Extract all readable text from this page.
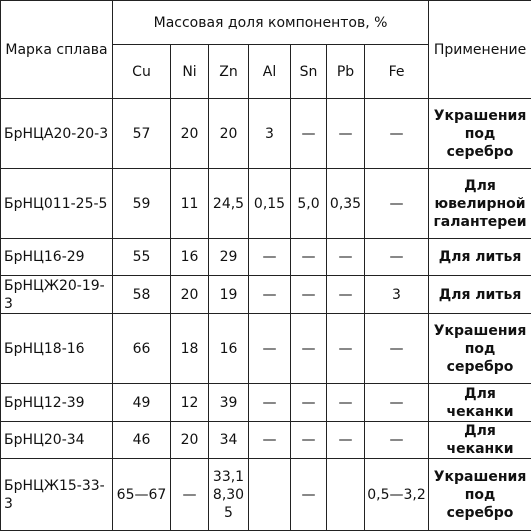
Марка сплава	Массовая доля компонентов, %							Применение
	Cu	Ni	Zn	Al	Sn	Pb	Fe	
БрНЦА20-20-3	57	20	20	3	—	—	—	Украшения под серебро
БрНЦ011-25-5	59	11	24,5	0,15	5,0	0,35	—	Для ювелирной галантереи
БрНЦ16-29	55	16	29	—	—	—	—	Для литья
БрНЦЖ20-19-3	58	20	19	—	—	—	3	Для литья
БрНЦ18-16	66	18	16	—	—	—	—	Украшения под серебро
БрНЦ12-39	49	12	39	—	—	—	—	Для чеканки
БрНЦ20-34	46	20	34	—	—	—	—	Для чеканки
БрНЦЖ15-33-3	65—67	—	33,18,305		—		0,5—3,2	Украшения под серебро
